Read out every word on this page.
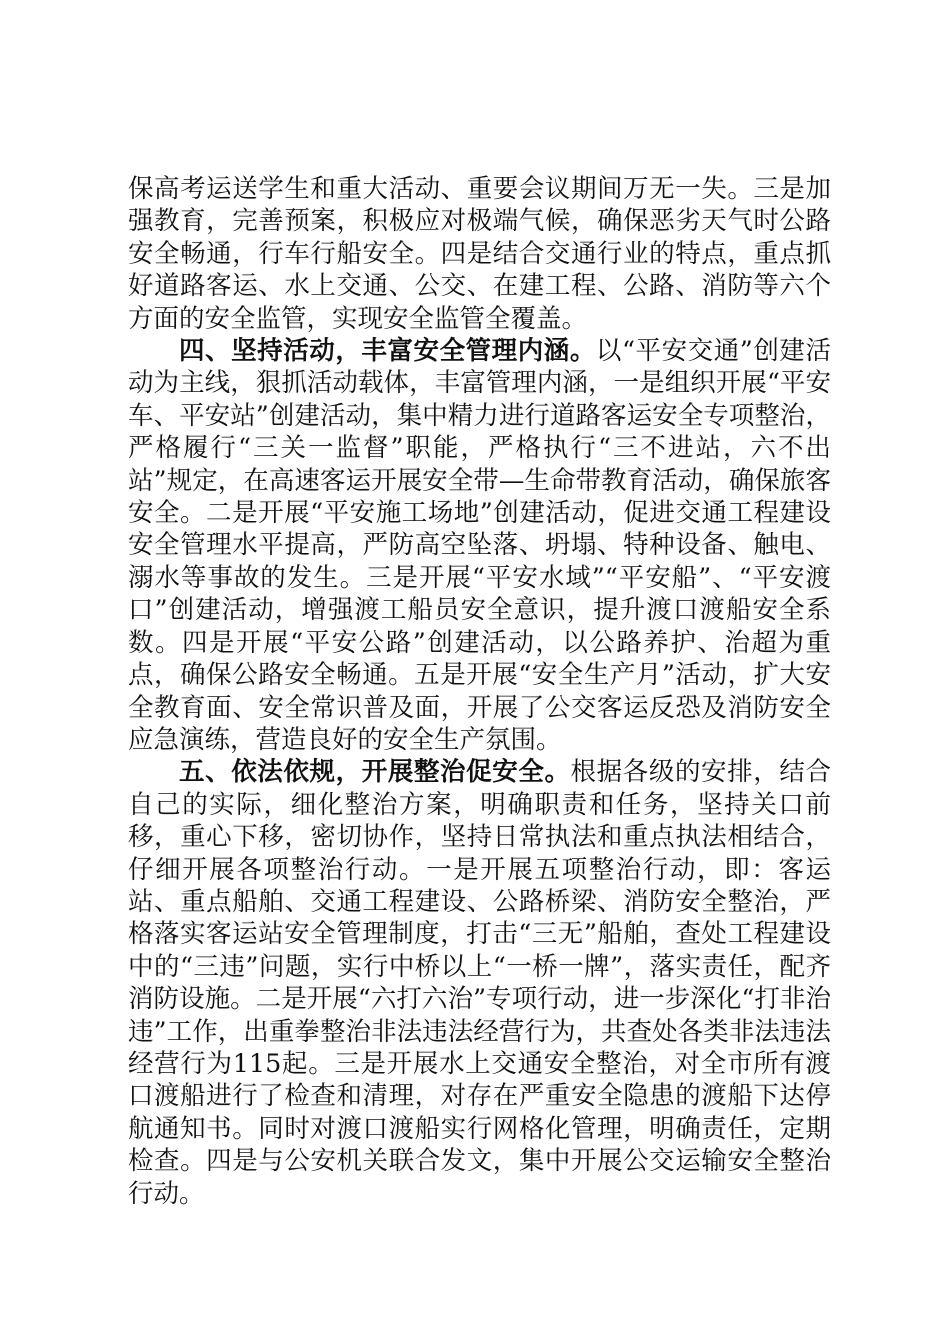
保高考运送学生和重大活动、重要会议期间万无一失。三是加强教育，完善预案，积极应对极端气候，确保恶劣天气时公路安全畅通，行车行船安全。四是结合交通行业的特点，重点抓好道路客运、水上交通、公交、在建工程、公路、消防等六个方面的安全监管，实现安全监管全覆盖。

四、坚持活动，丰富安全管理内涵。以“平安交通”创建活动为主线，狠抓活动载体，丰富管理内涵，一是组织开展“平安车、平安站”创建活动，集中精力进行道路客运安全专项整治，严格履行“三关一监督”职能，严格执行“三不进站，六不出站”规定，在高速客运开展安全带—生命带教育活动，确保旅客安全。二是开展“平安施工场地”创建活动，促进交通工程建设安全管理水平提高，严防高空坠落、坍塌、特种设备、触电、溺水等事故的发生。三是开展“平安水域”“平安船”、“平安渡口”创建活动，增强渡工船员安全意识，提升渡口渡船安全系数。四是开展“平安公路”创建活动，以公路养护、治超为重点，确保公路安全畅通。五是开展“安全生产月”活动，扩大安全教育面、安全常识普及面，开展了公交客运反恐及消防安全应急演练，营造良好的安全生产氛围。

五、依法依规，开展整治促安全。根据各级的安排，结合自己的实际，细化整治方案，明确职责和任务，坚持关口前移，重心下移，密切协作，坚持日常执法和重点执法相结合，仔细开展各项整治行动。一是开展五项整治行动，即：客运站、重点船舶、交通工程建设、公路桥梁、消防安全整治，严格落实客运站安全管理制度，打击“三无”船舶，查处工程建设中的“三违”问题，实行中桥以上“一桥一牌”，落实责任，配齐消防设施。二是开展“六打六治”专项行动，进一步深化“打非治违”工作，出重拳整治非法违法经营行为，共查处各类非法违法经营行为115起。三是开展水上交通安全整治，对全市所有渡口渡船进行了检查和清理，对存在严重安全隐患的渡船下达停航通知书。同时对渡口渡船实行网格化管理，明确责任，定期检查。四是与公安机关联合发文，集中开展公交运输安全整治行动。
